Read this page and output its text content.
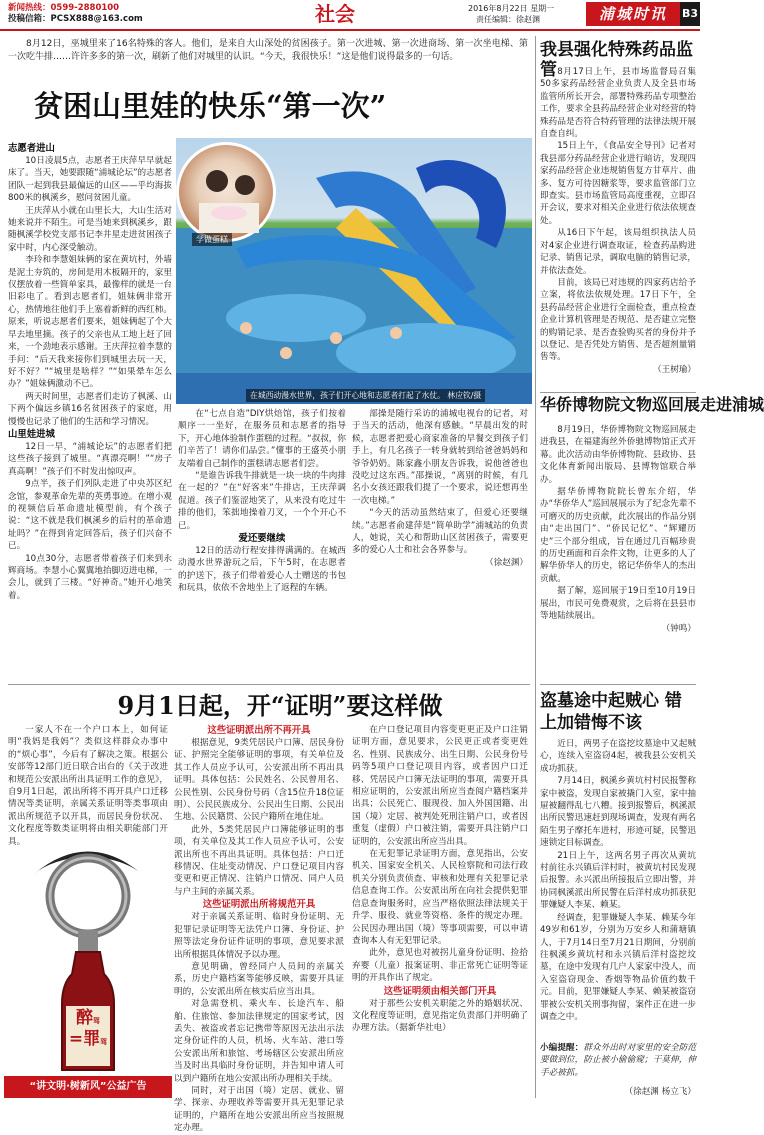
新闻热线：0599-2880100
投稿信箱：PCSX888@163.com	社会	2016年8月22日 星期一
责任编辑：徐赵渊	浦城时讯	B3

8月12日，巫城里来了16名特殊的客人。他们，是来自大山深处的贫困孩子。第一次进城、第一次进商场、第一次坐电梯、第一次吃牛排……许许多多的第一次，刷新了他们对城里的认识。“今天，我很快乐！”这是他们说得最多的一句话。

贫困山里娃的快乐“第一次”
学做蛋糕
在城西动漫水世界，孩子们开心地和志愿者打起了水仗。 林应钦/摄
志愿者进山

10日凌晨5点，志愿者王庆萍早早就起床了。当天，她要跟随“浦城论坛”的志愿者团队一起到我县最偏远的山区——乎均海拔800米的枫溪乡，慰问贫困儿童。

王庆萍从小就在山里长大，大山生活对她来说并不陌生。可是当她来到枫溪乡，跟随枫溪学校党支部书记李井星走进贫困孩子家中时，内心深受触动。

李玲和李慧姐妹俩的家在黄坑村，外墙是泥土夯筑的，房间是用木板隔开的，家里仅摆放着一些简单家具，最像样的就是一台旧彩电了。看到志愿者们，姐妹俩非常开心，热情地往他们手上塞着新鲜的西红柿。原来，听说志愿者们要来，姐妹俩起了个大早去地里摘。孩子的父亲也从工地上赶了回来，一个劲地表示感谢。王庆萍拉着李慧的手问：“后天我来接你们到城里去玩一天，好不好？”“城里是啥样？”“如果晕车怎么办？”姐妹俩激动不已。

两天时间里，志愿者们走访了枫溪、山下两个偏远乡镇16名贫困孩子的家庭，用慢慢也记录了他们的生活和学习情况。

山里娃进城

12日一早，“浦城论坛”的志愿者们把这些孩子接到了城里。“真漂亮啊！”“房子真高啊！”孩子们不时发出惊叹声。

9点半，孩子们列队走进了中央苏区纪念馆，参观革命先辈的英勇事迹。在增小观的视频信后革命遗址模型前，有个孩子说：“这不就是我们枫溪乡的后村的革命遗址吗？”在得到肯定回答后，孩子们兴奋不已。

10点30分，志愿者带着孩子们来到永辉商场。李慧小心翼翼地抬脚迈进电梯，一会儿，就到了三楼。“好神奇。”她开心地笑着。

在“七点自造”DIY烘焙馆，孩子们按着顺序一一坐好，在服务员和志愿者的指导下，开心地体验制作蛋糕的过程。“叔叔，你们辛苦了！请你们品尝。”懂事的王盛英小朋友端着自己制作的蛋糕请志愿者们尝。

“是谁告诉我牛排就是一块一块的牛肉排在一起的？”在“好客来”牛排店，王庆萍调侃道。孩子们鉴涩地笑了，从来没有吃过牛排的他们，笨拙地操着刀叉，一个个开心不已。

爱还要继续

12日的活动行程安排得满满的。在城西动漫水世界游玩之后，下午5时，在志愿者的护送下，孩子们带着爱心人士赠送的书包和玩具，依依不舍地坐上了返程的车辆。

部操是随行采访的浦城电视台的记者，对于当天的活动，他深有感触。“早晨出发的时候，志愿者把爱心商家准备的早餐交到孩子们手上，有几名孩子一转身就转到给爸爸妈妈和爷爷奶奶。陈家鑫小朋友告诉我，说他爸爸也没吃过这东西。”邵操说，“离别的时候，有几名小女孩还跟我们提了一个要求，说还想再坐一次电梯。”

“今天的活动虽然结束了，但爱心还要继续。”志愿者俞建萍是“简单助学”浦城站的负责人，她说，关心和帮助山区贫困孩子，需要更多的爱心人士和社会各界参与。

（徐赵渊）
我县强化特殊药品监管 8月17日上午，县市场监督局召集50多家药品经营企业负责人及全县市场监管所所长开会，部署特殊药品专项整治工作，要求全县药品经营企业对经营的特殊药品是否符合特药管理的法律法规开展自查自纠。

15日上午，《食品安全导刊》记者对我县部分药品经营企业进行暗访，发现四家药品经营企业违规销售复方甘草片、曲多、复方可待因糖浆等，要求监管部门立即查实。县市场监管局高度重视，立即召开会议，要求对相关企业进行依法依规查处。

从16日下午起，该局组织执法人员对4家企业进行调查取证，检查药品购进记录、销售记录，调取电脑的销售记录，并依法查处。

目前，该局已对违规的四家药店给予立案，将依法依规处理。17日下午，全县药品经营企业进行全面检查，重点检查企业计算机管理是否规范、是否建立完整的购销记录、是否查验购买者的身份并予以登记、是否凭处方销售、是否超剂量销售等。

（王树瑜）
华侨博物院文物巡回展走进浦城

8月19日，华侨博物院文物巡回展走进我县，在福建海丝外侨驰博物馆正式开幕。此次活动由华侨博物院、县政协、县文化体育新闻出版局、县博物馆联合举办。

据华侨博物院院长曾东介绍，华办“华侨华人”巡回展展示为了纪念先辈不可磨灭的历史贡献，此次展出的作品分别由“走出国门”、“侨民记忆”、“辉耀历史”三个部分组成，旨在通过几百幅珍贵的历史画面和百余件文物，让更多的人了解华侨华人的历史，铭记华侨华人的杰出贡献。

据了解，巡回展于19日至10月19日展出，市民可免费观赏，之后将在县县市等地陆续展出。

（钟鸣）
盗墓途中起贼心 错上加错悔不该

近日，两男子在盗挖坟墓途中又起贼心，连续入室盗窃4起，被我县公安机关成功抓获。

7月14日，枫溪乡黄坑村村民报警称家中被盗，发现自家被撬门入室，家中抽屉被翻得乱七八糟。接到报警后，枫溪派出所民警迅速赶到现场调查，发现有两名陌生男子摩托车进村，形迹可疑，民警迅速锁定目标调查。

21日上午，这两名男子再次从黄坑村前往永兴镇后洋村时，被黄坑村民发现后报警。永兴派出所接报后立即出警，并协同枫溪派出所民警在后洋村成功抓获犯罪嫌疑人李某、赖某。

经调查，犯罪嫌疑人李某、赖某今年49岁和61岁，分别为万安乡人和蒲塘镇人，于7月14日至7月21日期间，分别前往枫溪乡黄坑村和永兴镇后洋村盗挖坟墓，在途中发现有几户人家家中没人，而入室盗窃现金、香烟等物品价值约数千元。目前，犯罪嫌疑人李某、赖某被盗窃罪被公安机关刑事拘留，案件正在进一步调查之中。

小编提醒：群众外出时对家里的安全防范要做到位，防止被小偷偷窥；干莫伸，伸手必被抓。
（徐赵渊 杨立飞）
9月1日起，开“证明”要这样做
醉驾
=罪驾
“讲文明·树新风”公益广告

一家人不在一个户口本上，如何证明“我妈是我妈”？类似这样群众办事中的“烦心事”，今后有了解决之策。根据公安部等12部门近日联合出台的《关于改进和规范公安派出所出具证明工作的意见》，自9月1日起，派出所将不再开具户口迁移情况等类证明，亲属关系证明等类事项由派出所规范予以开具，而居民身份状况、文化程度等数类证明将由相关职能部门开具。

这些证明派出所不再开具

根据意见，9类凭居民户口簿、居民身份证、护照完全能够证明的事项，有关单位及其工作人员应予认可，公安派出所不再出具证明。具体包括：公民姓名、公民曾用名、公民性别、公民身份号码（含15位升18位证明）、公民民族成分、公民出生日期、公民出生地、公民籍贯、公民户籍所在地住址。

此外，5类凭居民户口簿能够证明的事项，有关单位及其工作人员应予认可，公安派出所也不再出具证明。具体包括：户口迁移情况、住址变动情况、户口登记项目内容变更和更正情况、注销户口情况、同户人员与户主间的亲属关系。

这些证明派出所将规范开具

对于亲属关系证明、临时身份证明、无犯罪记录证明等无法凭户口簿、身份证、护照等法定身份证件证明的事项，意见要求派出所根据具体情况予以办理。

意见明确，曾经同户人员间的亲属关系，历史户籍档案等能够反映，需要开具证明的，公安派出所在核实后应当出具。

对急需登机、乘火车、长途汽车、船舶、住旅馆、参加法律规定的国家考试，因丢失、被盗或者忘记携带等原因无法出示法定身份证件的人员，机场、火车站、港口等公安派出所和旅馆、考场辖区公安派出所应当及时出具临时身份证明，并告知申请人可以到户籍所在地公安派出所办理相关手续。

同时，对于出国（境）定居、就业、留学、探亲、办理收养等需要开具无犯罪记录证明的，户籍所在地公安派出所应当按照规定办理。

在户口登记项目内容变更更正及户口注销证明方面，意见要求，公民更正或者变更姓名、性别、民族成分、出生日期、公民身份号码等5项户口登记项目内容，或者因户口迁移、凭居民户口簿无法证明的事项，需要开具相应证明的，公安派出所应当查阅户籍档案并出具；公民死亡、服现役、加入外国国籍、出国（境）定居、被判处死刑注销户口，或者因重复（虚假）户口被注销，需要开具注销户口证明的，公安派出所应当出具。

在无犯罪记录证明方面，意见指出，公安机关、国家安全机关、人民检察院和司法行政机关分别负责侦查、审核和处理有关犯罪记录信息查询工作。公安派出所在向社会提供犯罪信息查询服务时，应当严格依照法律法规关于升学、服役、就业等资格、条件的规定办理。公民因办理出国（境）等事项需要，可以申请查询本人有无犯罪记录。

此外，意见也对被拐儿童身份证明、捡拾弃婴（儿童）报案证明、非正常死亡证明等证明的开具作出了规定。

这些证明须由相关部门开具

对于那些公安机关职能之外的婚姻状况、文化程度等证明，意见指定负责部门并明确了办理方法。（据新华社电）
